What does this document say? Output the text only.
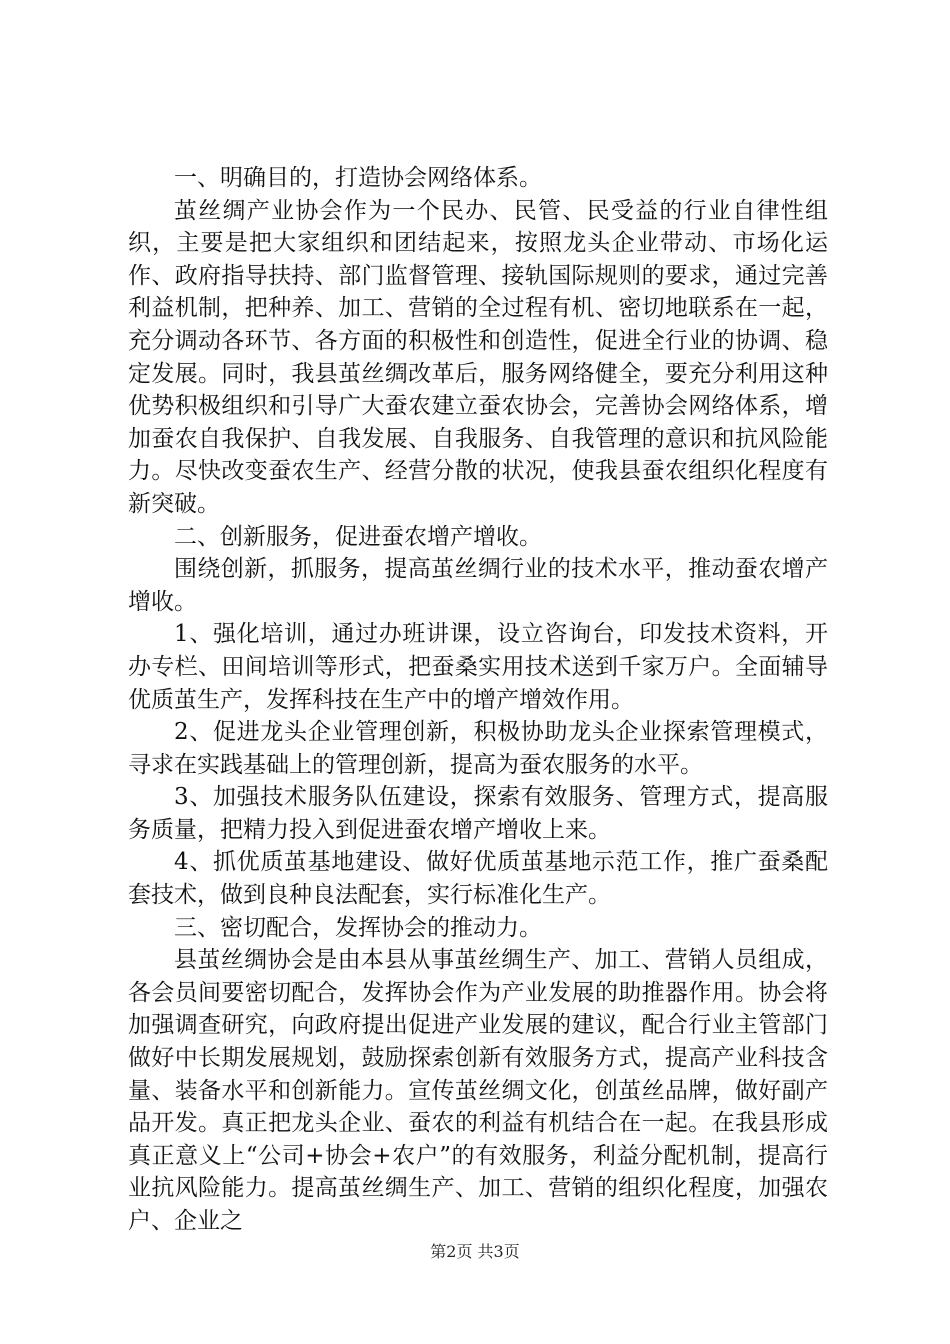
一、明确目的，打造协会网络体系。

茧丝绸产业协会作为一个民办、民管、民受益的行业自律性组织，主要是把大家组织和团结起来，按照龙头企业带动、市场化运作、政府指导扶持、部门监督管理、接轨国际规则的要求，通过完善利益机制，把种养、加工、营销的全过程有机、密切地联系在一起，充分调动各环节、各方面的积极性和创造性，促进全行业的协调、稳定发展。同时，我县茧丝绸改革后，服务网络健全，要充分利用这种优势积极组织和引导广大蚕农建立蚕农协会，完善协会网络体系，增加蚕农自我保护、自我发展、自我服务、自我管理的意识和抗风险能力。尽快改变蚕农生产、经营分散的状况，使我县蚕农组织化程度有新突破。

二、创新服务，促进蚕农增产增收。

围绕创新，抓服务，提高茧丝绸行业的技术水平，推动蚕农增产增收。

1、强化培训，通过办班讲课，设立咨询台，印发技术资料，开办专栏、田间培训等形式，把蚕桑实用技术送到千家万户。全面辅导优质茧生产，发挥科技在生产中的增产增效作用。

2、促进龙头企业管理创新，积极协助龙头企业探索管理模式，寻求在实践基础上的管理创新，提高为蚕农服务的水平。

3、加强技术服务队伍建设，探索有效服务、管理方式，提高服务质量，把精力投入到促进蚕农增产增收上来。

4、抓优质茧基地建设、做好优质茧基地示范工作，推广蚕桑配套技术，做到良种良法配套，实行标准化生产。

三、密切配合，发挥协会的推动力。

县茧丝绸协会是由本县从事茧丝绸生产、加工、营销人员组成，各会员间要密切配合，发挥协会作为产业发展的助推器作用。协会将加强调查研究，向政府提出促进产业发展的建议，配合行业主管部门做好中长期发展规划，鼓励探索创新有效服务方式，提高产业科技含量、装备水平和创新能力。宣传茧丝绸文化，创茧丝品牌，做好副产品开发。真正把龙头企业、蚕农的利益有机结合在一起。在我县形成真正意义上“公司+协会+农户”的有效服务，利益分配机制，提高行业抗风险能力。提高茧丝绸生产、加工、营销的组织化程度，加强农户、企业之

第2页 共3页
